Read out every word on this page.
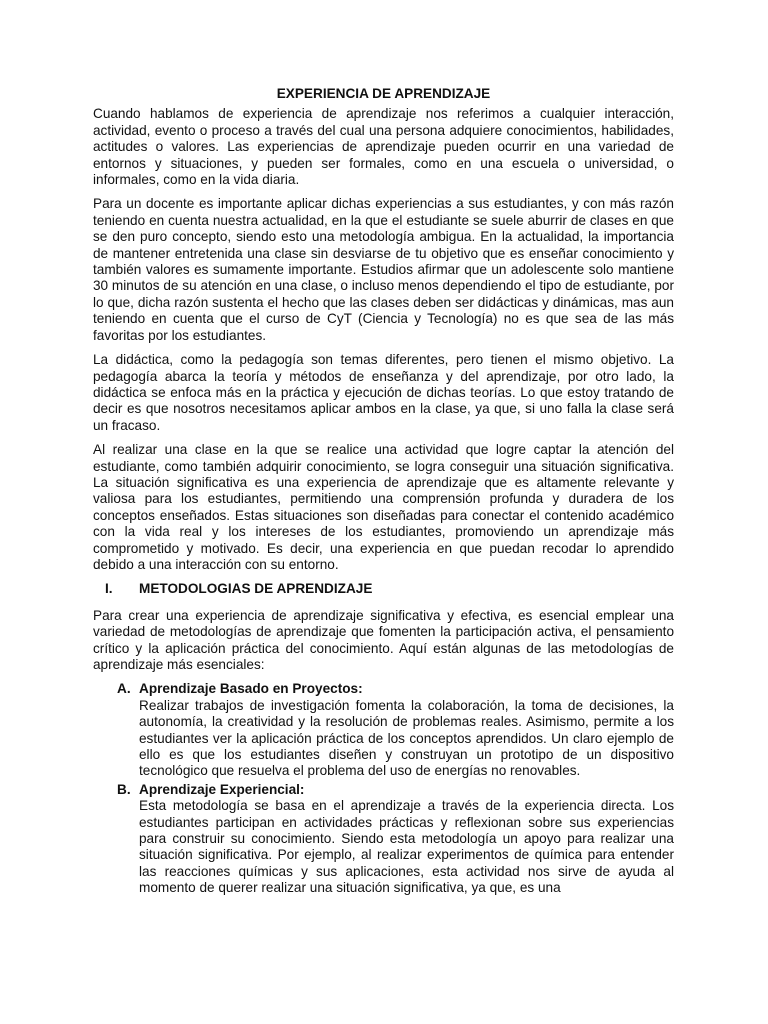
EXPERIENCIA DE APRENDIZAJE

Cuando hablamos de experiencia de aprendizaje nos referimos a cualquier interacción, actividad, evento o proceso a través del cual una persona adquiere conocimientos, habilidades, actitudes o valores. Las experiencias de aprendizaje pueden ocurrir en una variedad de entornos y situaciones, y pueden ser formales, como en una escuela o universidad, o informales, como en la vida diaria.

Para un docente es importante aplicar dichas experiencias a sus estudiantes, y con más razón teniendo en cuenta nuestra actualidad, en la que el estudiante se suele aburrir de clases en que se den puro concepto, siendo esto una metodología ambigua. En la actualidad, la importancia de mantener entretenida una clase sin desviarse de tu objetivo que es enseñar conocimiento y también valores es sumamente importante. Estudios afirmar que un adolescente solo mantiene 30 minutos de su atención en una clase, o incluso menos dependiendo el tipo de estudiante, por lo que, dicha razón sustenta el hecho que las clases deben ser didácticas y dinámicas, mas aun teniendo en cuenta que el curso de CyT (Ciencia y Tecnología) no es que sea de las más favoritas por los estudiantes.

La didáctica, como la pedagogía son temas diferentes, pero tienen el mismo objetivo. La pedagogía abarca la teoría y métodos de enseñanza y del aprendizaje, por otro lado, la didáctica se enfoca más en la práctica y ejecución de dichas teorías. Lo que estoy tratando de decir es que nosotros necesitamos aplicar ambos en la clase, ya que, si uno falla la clase será un fracaso.

Al realizar una clase en la que se realice una actividad que logre captar la atención del estudiante, como también adquirir conocimiento, se logra conseguir una situación significativa. La situación significativa es una experiencia de aprendizaje que es altamente relevante y valiosa para los estudiantes, permitiendo una comprensión profunda y duradera de los conceptos enseñados. Estas situaciones son diseñadas para conectar el contenido académico con la vida real y los intereses de los estudiantes, promoviendo un aprendizaje más comprometido y motivado. Es decir, una experiencia en que puedan recodar lo aprendido debido a una interacción con su entorno.

I.	METODOLOGIAS DE APRENDIZAJE

Para crear una experiencia de aprendizaje significativa y efectiva, es esencial emplear una variedad de metodologías de aprendizaje que fomenten la participación activa, el pensamiento crítico y la aplicación práctica del conocimiento. Aquí están algunas de las metodologías de aprendizaje más esenciales:

A. Aprendizaje Basado en Proyectos:
Realizar trabajos de investigación fomenta la colaboración, la toma de decisiones, la autonomía, la creatividad y la resolución de problemas reales. Asimismo, permite a los estudiantes ver la aplicación práctica de los conceptos aprendidos. Un claro ejemplo de ello es que los estudiantes diseñen y construyan un prototipo de un dispositivo tecnológico que resuelva el problema del uso de energías no renovables.
B. Aprendizaje Experiencial:
Esta metodología se basa en el aprendizaje a través de la experiencia directa. Los estudiantes participan en actividades prácticas y reflexionan sobre sus experiencias para construir su conocimiento. Siendo esta metodología un apoyo para realizar una situación significativa. Por ejemplo, al realizar experimentos de química para entender las reacciones químicas y sus aplicaciones, esta actividad nos sirve de ayuda al momento de querer realizar una situación significativa, ya que, es una
